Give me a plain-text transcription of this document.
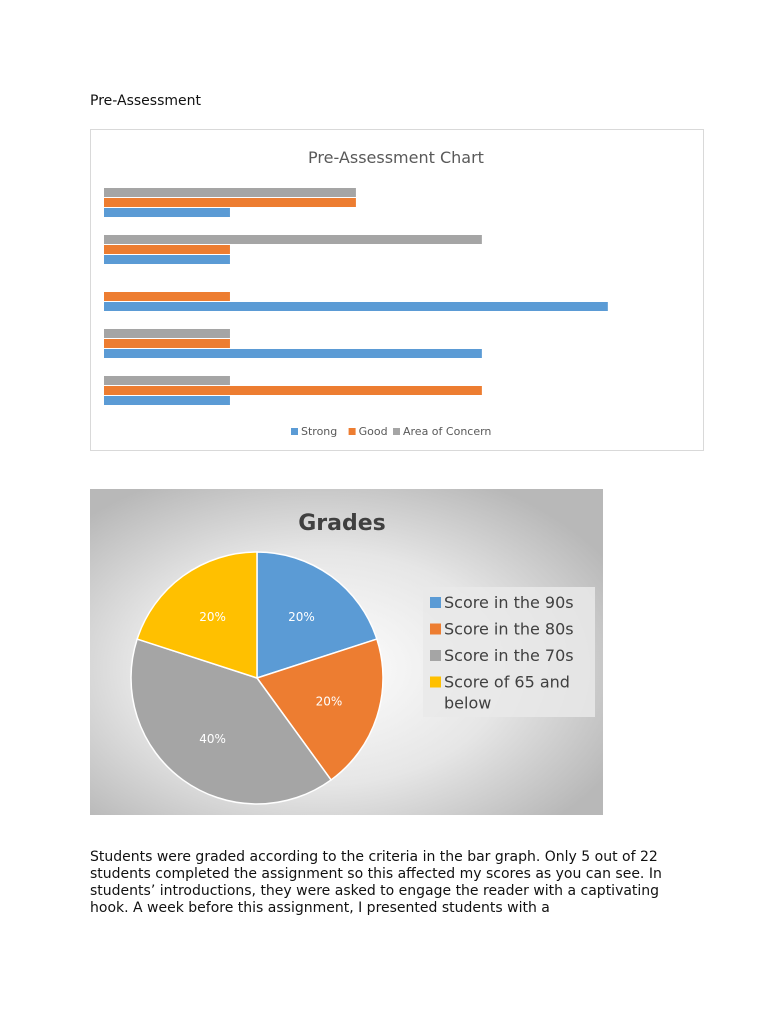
Pre-Assessment
Pre-Assessment Chart
Strong Good Area of Concern
Grades
20%
20%
40%
20%
Score in the 90s
Score in the 80s
Score in the 70s
Score of 65 and below
Students were graded according to the criteria in the bar graph. Only 5 out of 22 students completed the assignment so this affected my scores as you can see. In students’ introductions, they were asked to engage the reader with a captivating hook. A week before this assignment, I presented students with a
